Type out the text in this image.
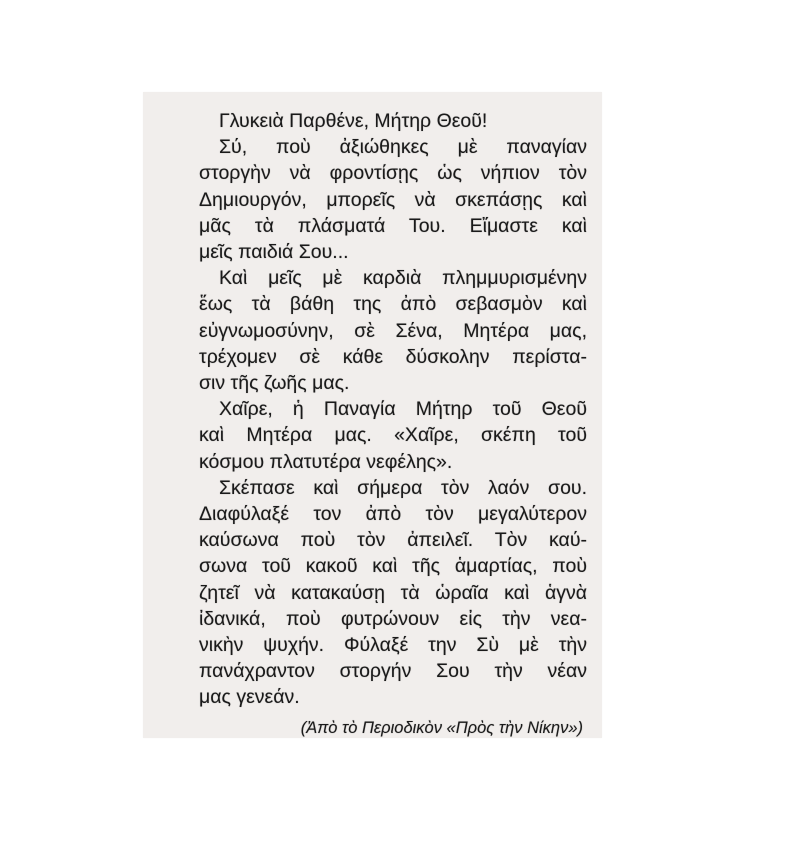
Γλυκειὰ Παρθένε, Μήτηρ Θεοῦ!
Σύ, ποὺ ἀξιώθηκες μὲ παναγίαν
στοργὴν νὰ φροντίσῃς ὡς νήπιον τὸν
Δημιουργόν, μπορεῖς νὰ σκεπάσῃς καὶ
μᾶς τὰ πλάσματά Του. Εἴμαστε καὶ
μεῖς παιδιά Σου...
Καὶ μεῖς μὲ καρδιὰ πλημμυρισμένην
ἕως τὰ βάθη της ἀπὸ σεβασμὸν καὶ
εὐγνωμοσύνην, σὲ Σένα, Μητέρα μας,
τρέχομεν σὲ κάθε δύσκολην περίστα-
σιν τῆς ζωῆς μας.
Χαῖρε, ἡ Παναγία Μήτηρ τοῦ Θεοῦ
καὶ Μητέρα μας. «Χαῖρε, σκέπη τοῦ
κόσμου πλατυτέρα νεφέλης».
Σκέπασε καὶ σήμερα τὸν λαόν σου.
Διαφύλαξέ τον ἀπὸ τὸν μεγαλύτερον
καύσωνα ποὺ τὸν ἀπειλεῖ. Τὸν καύ-
σωνα τοῦ κακοῦ καὶ τῆς ἁμαρτίας, ποὺ
ζητεῖ νὰ κατακαύσῃ τὰ ὡραῖα καὶ ἁγνὰ
ἰδανικά, ποὺ φυτρώνουν εἰς τὴν νεα-
νικὴν ψυχήν. Φύλαξέ την Σὺ μὲ τὴν
πανάχραντον στοργήν Σου τὴν νέαν
μας γενεάν.
(Ἀπὸ τὸ Περιοδικὸν «Πρὸς τὴν Νίκην»)
